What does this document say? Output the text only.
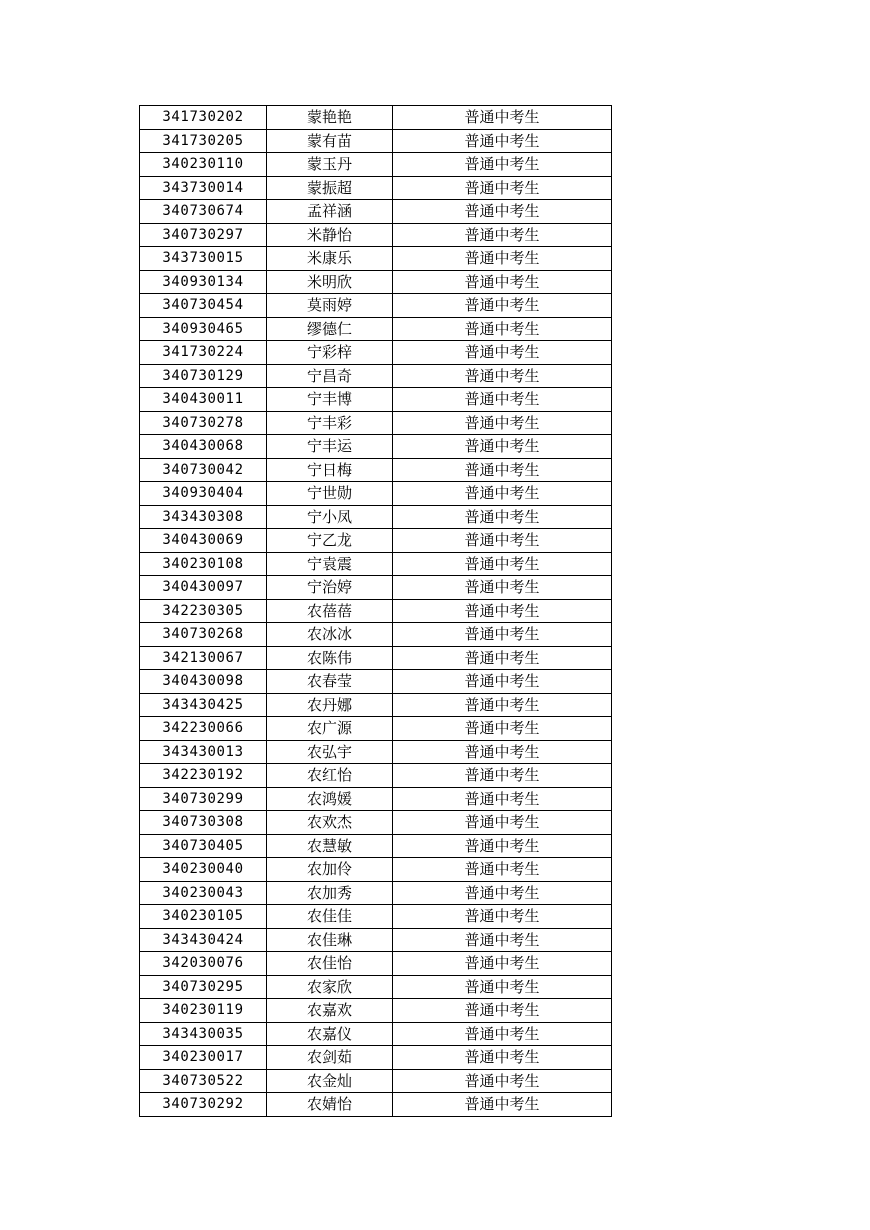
341730202	蒙艳艳	普通中考生
341730205	蒙有苗	普通中考生
340230110	蒙玉丹	普通中考生
343730014	蒙振超	普通中考生
340730674	孟祥涵	普通中考生
340730297	米静怡	普通中考生
343730015	米康乐	普通中考生
340930134	米明欣	普通中考生
340730454	莫雨婷	普通中考生
340930465	缪德仁	普通中考生
341730224	宁彩梓	普通中考生
340730129	宁昌奇	普通中考生
340430011	宁丰博	普通中考生
340730278	宁丰彩	普通中考生
340430068	宁丰运	普通中考生
340730042	宁日梅	普通中考生
340930404	宁世勋	普通中考生
343430308	宁小凤	普通中考生
340430069	宁乙龙	普通中考生
340230108	宁袁震	普通中考生
340430097	宁治婷	普通中考生
342230305	农蓓蓓	普通中考生
340730268	农冰冰	普通中考生
342130067	农陈伟	普通中考生
340430098	农春莹	普通中考生
343430425	农丹娜	普通中考生
342230066	农广源	普通中考生
343430013	农弘宇	普通中考生
342230192	农红怡	普通中考生
340730299	农鸿媛	普通中考生
340730308	农欢杰	普通中考生
340730405	农慧敏	普通中考生
340230040	农加伶	普通中考生
340230043	农加秀	普通中考生
340230105	农佳佳	普通中考生
343430424	农佳琳	普通中考生
342030076	农佳怡	普通中考生
340730295	农家欣	普通中考生
340230119	农嘉欢	普通中考生
343430035	农嘉仪	普通中考生
340230017	农剑茹	普通中考生
340730522	农金灿	普通中考生
340730292	农婧怡	普通中考生
